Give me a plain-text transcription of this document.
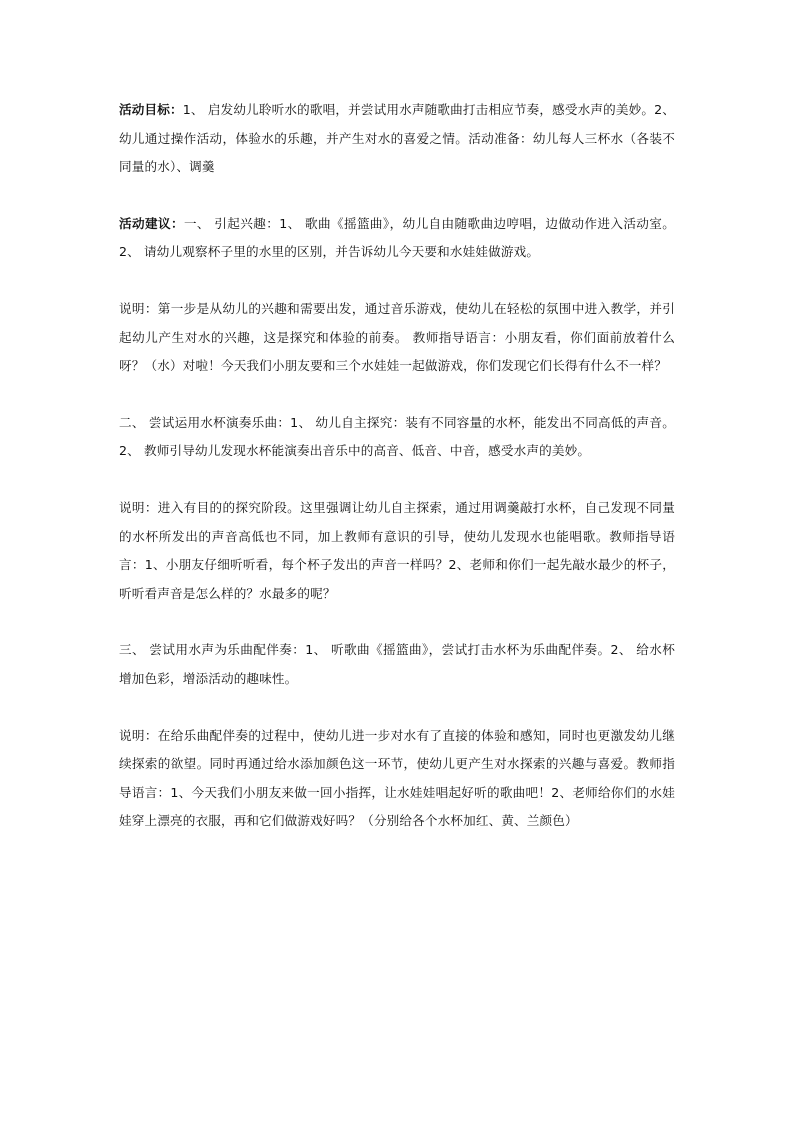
活动目标：1、 启发幼儿聆听水的歌唱，并尝试用水声随歌曲打击相应节奏，感受水声的美妙。2、 幼儿通过操作活动，体验水的乐趣，并产生对水的喜爱之情。活动准备：幼儿每人三杯水（各装不同量的水）、调羹

活动建议：一、 引起兴趣：1、 歌曲《摇篮曲》，幼儿自由随歌曲边哼唱，边做动作进入活动室。2、 请幼儿观察杯子里的水里的区别，并告诉幼儿今天要和水娃娃做游戏。

说明：第一步是从幼儿的兴趣和需要出发，通过音乐游戏，使幼儿在轻松的氛围中进入教学，并引起幼儿产生对水的兴趣，这是探究和体验的前奏。 教师指导语言：小朋友看，你们面前放着什么呀？（水）对啦！今天我们小朋友要和三个水娃娃一起做游戏，你们发现它们长得有什么不一样？

二、 尝试运用水杯演奏乐曲：1、 幼儿自主探究：装有不同容量的水杯，能发出不同高低的声音。2、 教师引导幼儿发现水杯能演奏出音乐中的高音、低音、中音，感受水声的美妙。

说明：进入有目的的探究阶段。这里强调让幼儿自主探索，通过用调羹敲打水杯，自己发现不同量的水杯所发出的声音高低也不同，加上教师有意识的引导，使幼儿发现水也能唱歌。教师指导语言：1、小朋友仔细听听看，每个杯子发出的声音一样吗？2、老师和你们一起先敲水最少的杯子，听听看声音是怎么样的？水最多的呢？

三、 尝试用水声为乐曲配伴奏：1、 听歌曲《摇篮曲》，尝试打击水杯为乐曲配伴奏。2、 给水杯增加色彩，增添活动的趣味性。

说明：在给乐曲配伴奏的过程中，使幼儿进一步对水有了直接的体验和感知，同时也更激发幼儿继续探索的欲望。同时再通过给水添加颜色这一环节，使幼儿更产生对水探索的兴趣与喜爱。教师指导语言：1、今天我们小朋友来做一回小指挥，让水娃娃唱起好听的歌曲吧！2、老师给你们的水娃娃穿上漂亮的衣服，再和它们做游戏好吗？（分别给各个水杯加红、黄、兰颜色）
